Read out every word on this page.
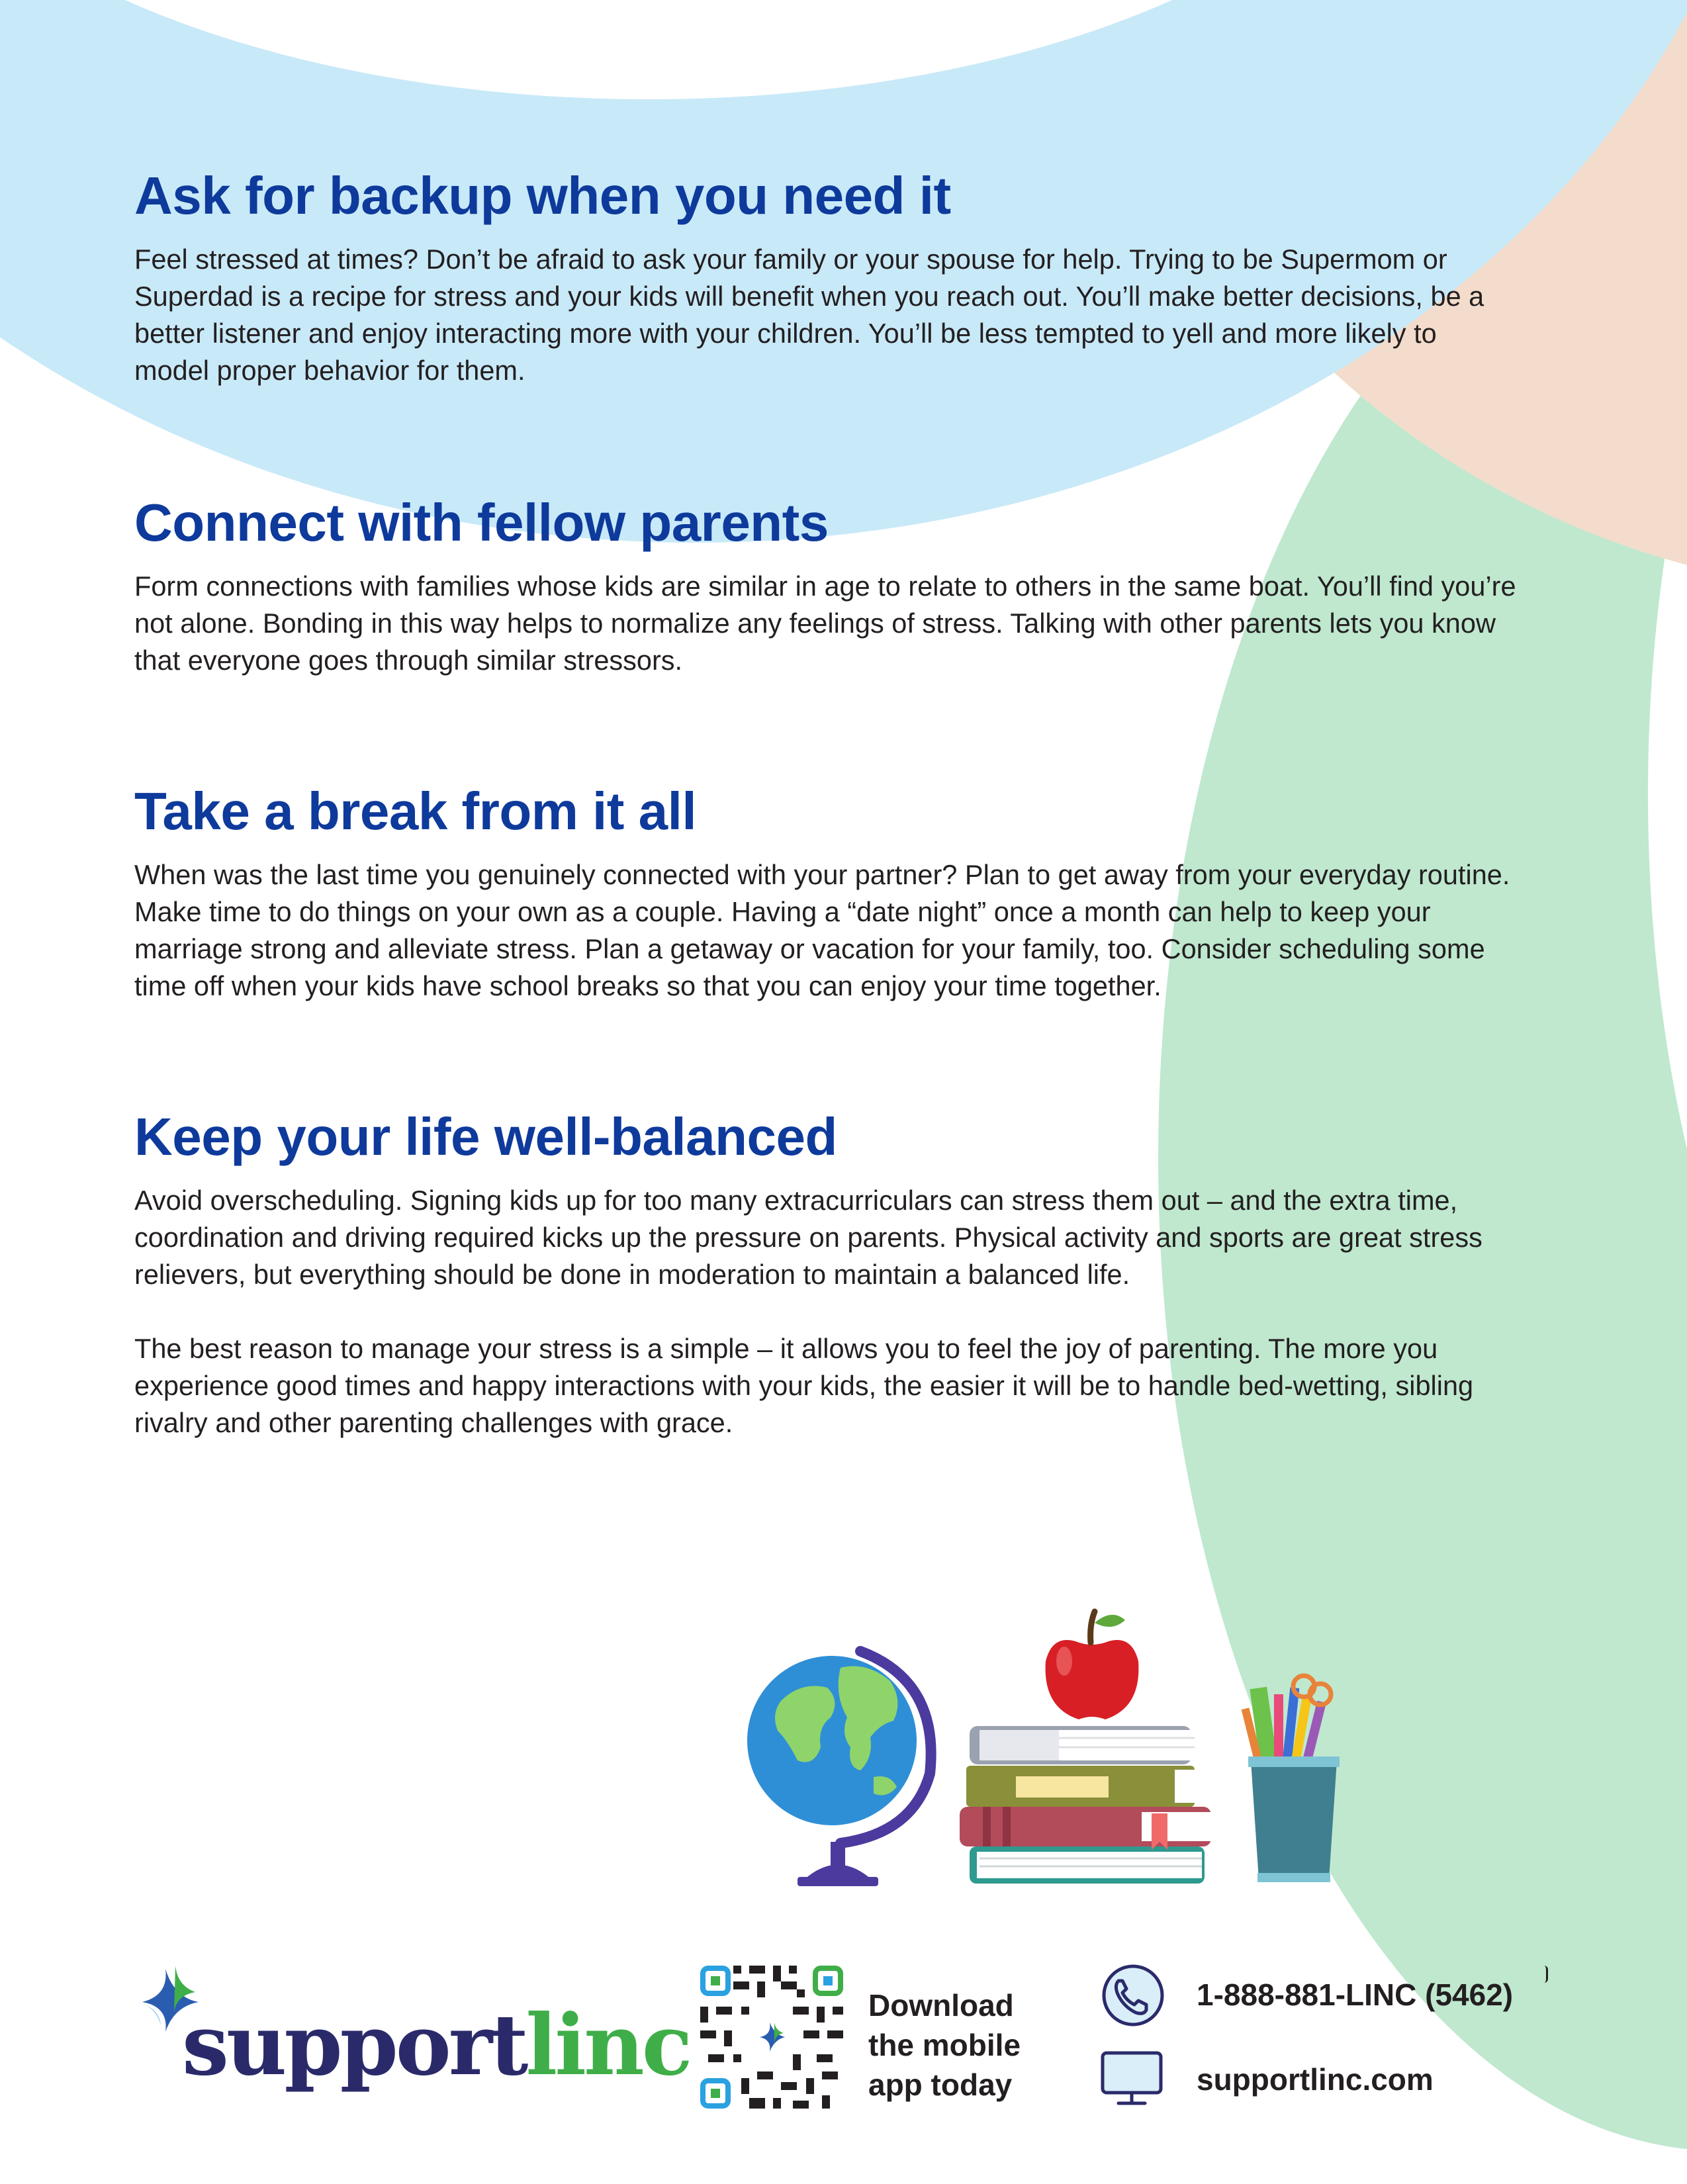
Ask for backup when you need it

Feel stressed at times? Don’t be afraid to ask your family or your spouse for help. Trying to be Supermom or Superdad is a recipe for stress and your kids will benefit when you reach out. You’ll make better decisions, be a better listener and enjoy interacting more with your children. You’ll be less tempted to yell and more likely to model proper behavior for them.

Connect with fellow parents

Form connections with families whose kids are similar in age to relate to others in the same boat. You’ll find you’re not alone. Bonding in this way helps to normalize any feelings of stress. Talking with other parents lets you know that everyone goes through similar stressors.

Take a break from it all

When was the last time you genuinely connected with your partner? Plan to get away from your everyday routine. Make time to do things on your own as a couple. Having a “date night” once a month can help to keep your marriage strong and alleviate stress. Plan a getaway or vacation for your family, too. Consider scheduling some time off when your kids have school breaks so that you can enjoy your time together.

Keep your life well-balanced

Avoid overscheduling. Signing kids up for too many extracurriculars can stress them out – and the extra time, coordination and driving required kicks up the pressure on parents. Physical activity and sports are great stress relievers, but everything should be done in moderation to maintain a balanced life.

The best reason to manage your stress is a simple – it allows you to feel the joy of parenting. The more you experience good times and happy interactions with your kids, the easier it will be to handle bed-wetting, sibling rivalry and other parenting challenges with grace.

supportlinc	Download
the mobile
app today
1-888-881-LINC (5462)
supportlinc.com
